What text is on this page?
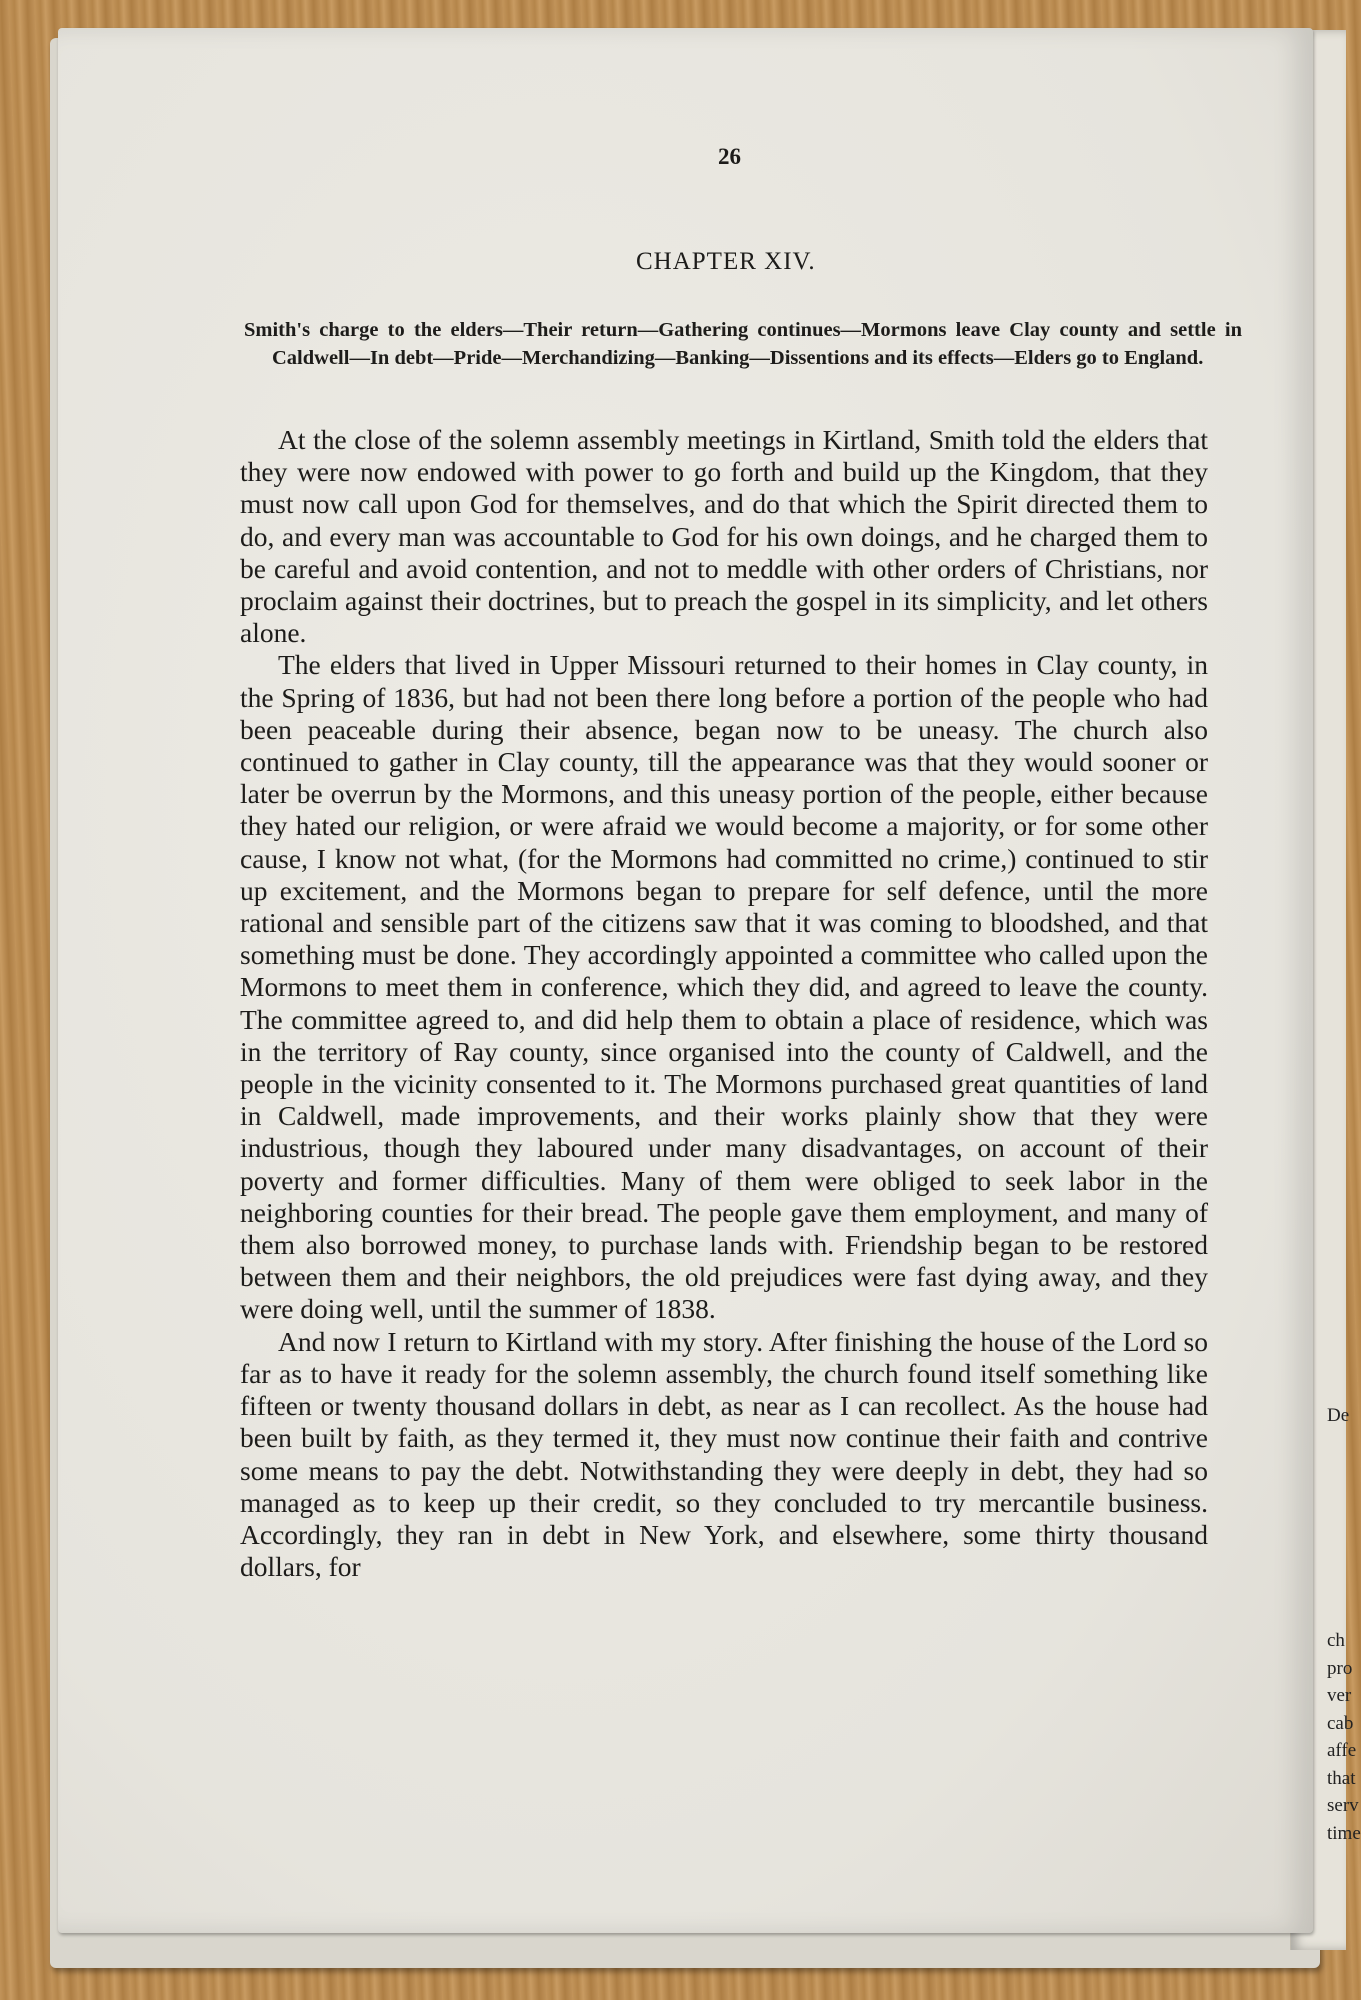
De
ch
pro
ver
cab
affe
that
serv
time
26
CHAPTER XIV.
Smith's charge to the elders—Their return—Gathering continues—Mormons leave Clay county and settle in Caldwell—In debt—Pride—Merchandizing—Banking—Dissentions and its effects—Elders go to England.

At the close of the solemn assembly meetings in Kirtland, Smith told the elders that they were now endowed with power to go forth and build up the Kingdom, that they must now call upon God for themselves, and do that which the Spirit directed them to do, and every man was accountable to God for his own doings, and he charged them to be careful and avoid contention, and not to meddle with other orders of Christians, nor proclaim against their doctrines, but to preach the gospel in its simplicity, and let others alone.

The elders that lived in Upper Missouri returned to their homes in Clay county, in the Spring of 1836, but had not been there long before a portion of the people who had been peaceable during their absence, began now to be uneasy. The church also continued to gather in Clay county, till the appearance was that they would sooner or later be overrun by the Mormons, and this uneasy portion of the people, either because they hated our religion, or were afraid we would become a majority, or for some other cause, I know not what, (for the Mormons had committed no crime,) continued to stir up excitement, and the Mormons began to prepare for self defence, until the more rational and sensible part of the citizens saw that it was coming to bloodshed, and that something must be done. They accordingly appointed a committee who called upon the Mormons to meet them in conference, which they did, and agreed to leave the county. The committee agreed to, and did help them to obtain a place of residence, which was in the territory of Ray county, since organised into the county of Caldwell, and the people in the vicinity consented to it. The Mormons purchased great quantities of land in Caldwell, made improvements, and their works plainly show that they were industrious, though they laboured under many disadvantages, on account of their poverty and former difficulties. Many of them were obliged to seek labor in the neighboring counties for their bread. The people gave them employment, and many of them also borrowed money, to purchase lands with. Friendship began to be restored between them and their neighbors, the old prejudices were fast dying away, and they were doing well, until the summer of 1838.

And now I return to Kirtland with my story. After finishing the house of the Lord so far as to have it ready for the solemn assembly, the church found itself something like fifteen or twenty thousand dollars in debt, as near as I can recollect. As the house had been built by faith, as they termed it, they must now continue their faith and contrive some means to pay the debt. Notwithstanding they were deeply in debt, they had so managed as to keep up their credit, so they concluded to try mercantile business. Accordingly, they ran in debt in New York, and elsewhere, some thirty thousand dollars, for
